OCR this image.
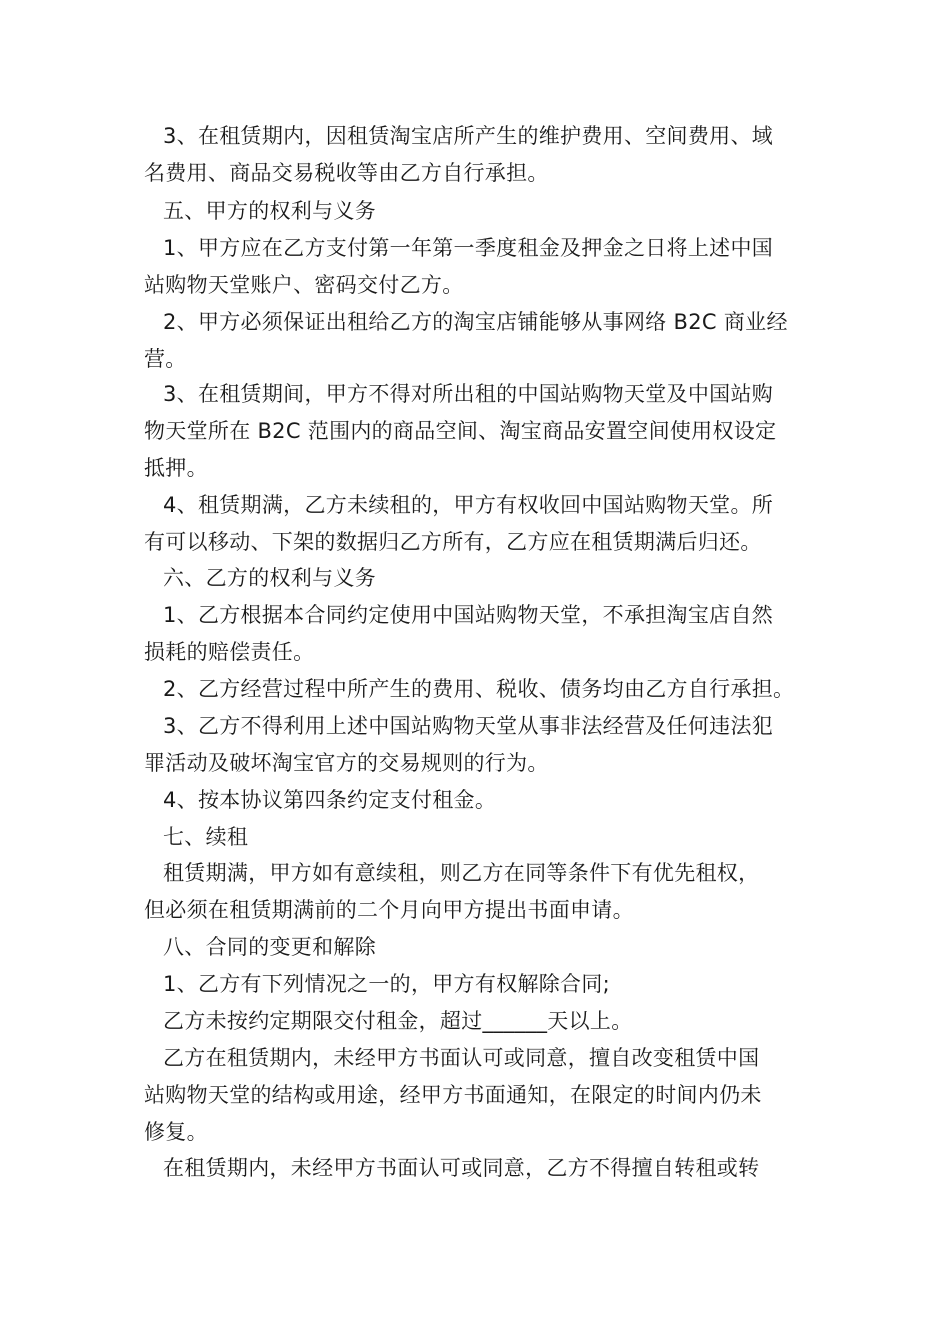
3、在租赁期内，因租赁淘宝店所产生的维护费用、空间费用、域
名费用、商品交易税收等由乙方自行承担。
五、甲方的权利与义务
1、甲方应在乙方支付第一年第一季度租金及押金之日将上述中国
站购物天堂账户、密码交付乙方。
2、甲方必须保证出租给乙方的淘宝店铺能够从事网络 B2C 商业经
营。
3、在租赁期间，甲方不得对所出租的中国站购物天堂及中国站购
物天堂所在 B2C 范围内的商品空间、淘宝商品安置空间使用权设定
抵押。
4、租赁期满，乙方未续租的，甲方有权收回中国站购物天堂。所
有可以移动、下架的数据归乙方所有，乙方应在租赁期满后归还。
六、乙方的权利与义务
1、乙方根据本合同约定使用中国站购物天堂，不承担淘宝店自然
损耗的赔偿责任。
2、乙方经营过程中所产生的费用、税收、债务均由乙方自行承担。
3、乙方不得利用上述中国站购物天堂从事非法经营及任何违法犯
罪活动及破坏淘宝官方的交易规则的行为。
4、按本协议第四条约定支付租金。
七、续租
租赁期满，甲方如有意续租，则乙方在同等条件下有优先租权，
但必须在租赁期满前的二个月向甲方提出书面申请。
八、合同的变更和解除
1、乙方有下列情况之一的，甲方有权解除合同;
乙方未按约定期限交付租金，超过______天以上。
乙方在租赁期内，未经甲方书面认可或同意，擅自改变租赁中国
站购物天堂的结构或用途，经甲方书面通知，在限定的时间内仍未
修复。
在租赁期内，未经甲方书面认可或同意，乙方不得擅自转租或转
